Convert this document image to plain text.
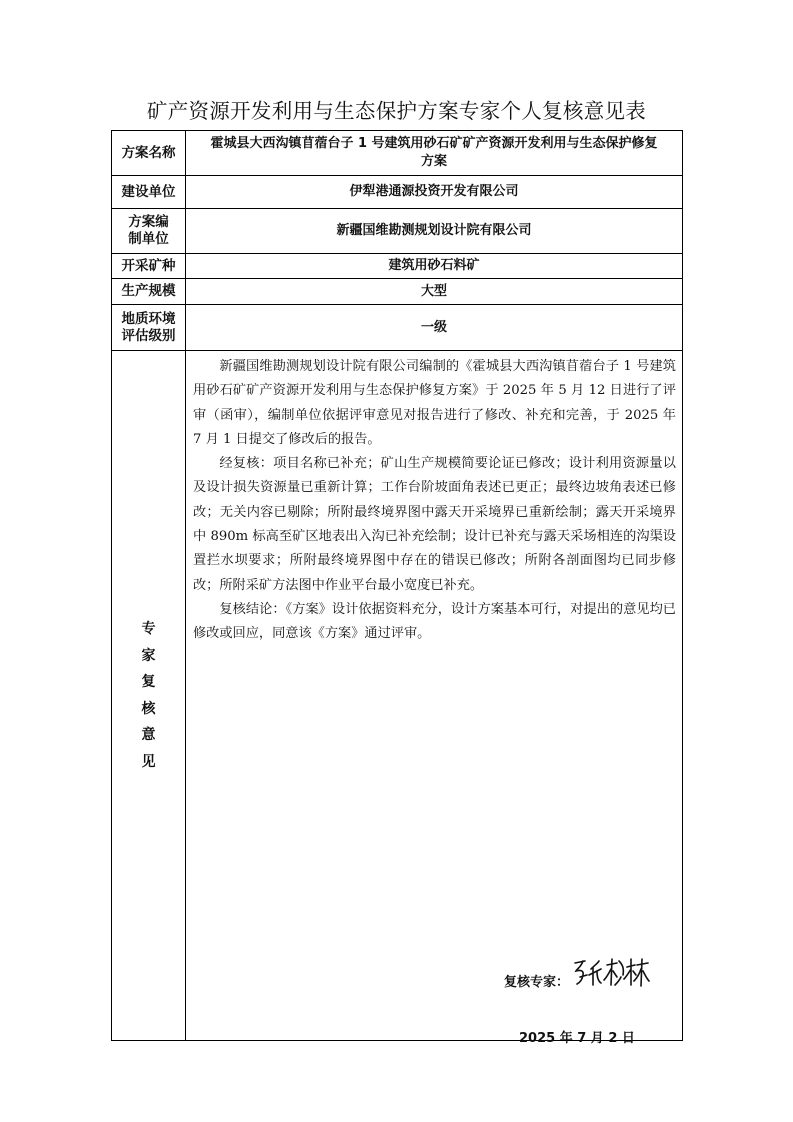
矿产资源开发利用与生态保护方案专家个人复核意见表
方案名称	霍城县大西沟镇苜蓿台子 1 号建筑用砂石矿矿产资源开发利用与生态保护修复方案
建设单位	伊犁港通源投资开发有限公司

方案编制单位	新疆国维勘测规划设计院有限公司
开采矿种	建筑用砂石料矿
生产规模	大型

地质环境评估级别	一级

专家复核意见	新疆国维勘测规划设计院有限公司编制的《霍城县大西沟镇苜蓿台子 1 号建筑用砂石矿矿产资源开发利用与生态保护修复方案》于 2025 年 5 月 12 日进行了评审（函审），编制单位依据评审意见对报告进行了修改、补充和完善，于 2025 年 7 月 1 日提交了修改后的报告。

经复核：项目名称已补充；矿山生产规模简要论证已修改；设计利用资源量以及设计损失资源量已重新计算；工作台阶坡面角表述已更正；最终边坡角表述已修改；无关内容已剔除；所附最终境界图中露天开采境界已重新绘制；露天开采境界中 890m 标高至矿区地表出入沟已补充绘制；设计已补充与露天采场相连的沟渠设置拦水坝要求；所附最终境界图中存在的错误已修改；所附各剖面图均已同步修改；所附采矿方法图中作业平台最小宽度已补充。

复核结论：《方案》设计依据资料充分，设计方案基本可行，对提出的意见均已修改或回应，同意该《方案》通过评审。

复核专家：
2025 年 7 月 2 日
